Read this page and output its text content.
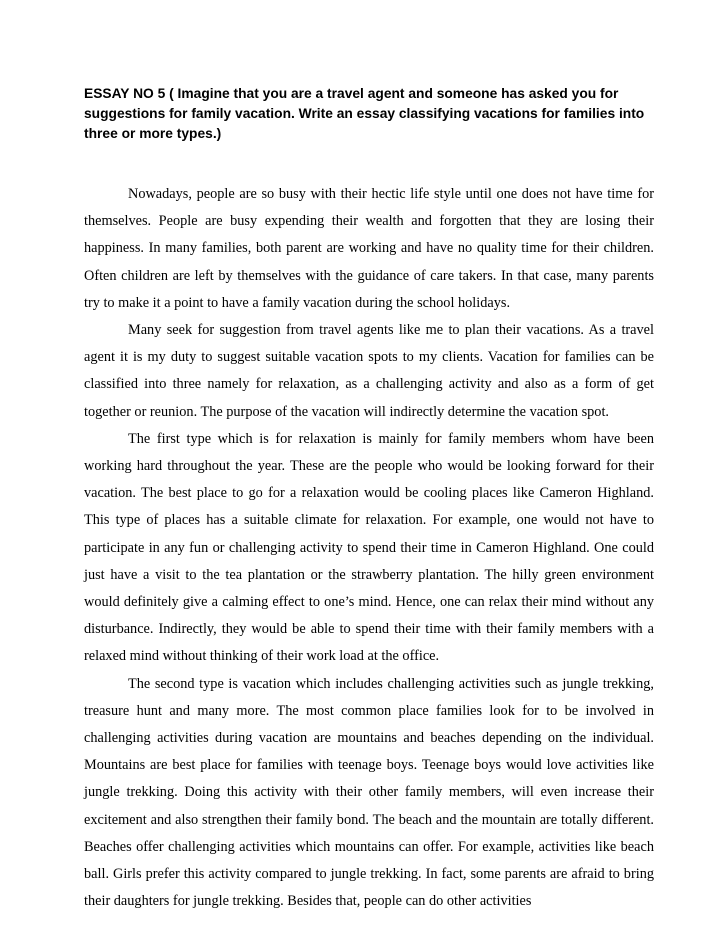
ESSAY NO 5 ( Imagine that you are a travel agent and someone has asked you for suggestions for family vacation. Write an essay classifying vacations for families into three or more types.)

Nowadays, people are so busy with their hectic life style until one does not have time for themselves. People are busy expending their wealth and forgotten that they are losing their happiness. In many families, both parent are working and have no quality time for their children. Often children are left by themselves with the guidance of care takers. In that case, many parents try to make it a point to have a family vacation during the school holidays.

Many seek for suggestion from travel agents like me to plan their vacations. As a travel agent it is my duty to suggest suitable vacation spots to my clients. Vacation for families can be classified into three namely for relaxation, as a challenging activity and also as a form of get together or reunion. The purpose of the vacation will indirectly determine the vacation spot.

The first type which is for relaxation is mainly for family members whom have been working hard throughout the year. These are the people who would be looking forward for their vacation. The best place to go for a relaxation would be cooling places like Cameron Highland. This type of places has a suitable climate for relaxation. For example, one would not have to participate in any fun or challenging activity to spend their time in Cameron Highland. One could just have a visit to the tea plantation or the strawberry plantation. The hilly green environment would definitely give a calming effect to one’s mind. Hence, one can relax their mind without any disturbance. Indirectly, they would be able to spend their time with their family members with a relaxed mind without thinking of their work load at the office.

The second type is vacation which includes challenging activities such as jungle trekking, treasure hunt and many more. The most common place families look for to be involved in challenging activities during vacation are mountains and beaches depending on the individual. Mountains are best place for families with teenage boys. Teenage boys would love activities like jungle trekking. Doing this activity with their other family members, will even increase their excitement and also strengthen their family bond. The beach and the mountain are totally different. Beaches offer challenging activities which mountains can offer. For example, activities like beach ball. Girls prefer this activity compared to jungle trekking. In fact, some parents are afraid to bring their daughters for jungle trekking. Besides that, people can do other activities
